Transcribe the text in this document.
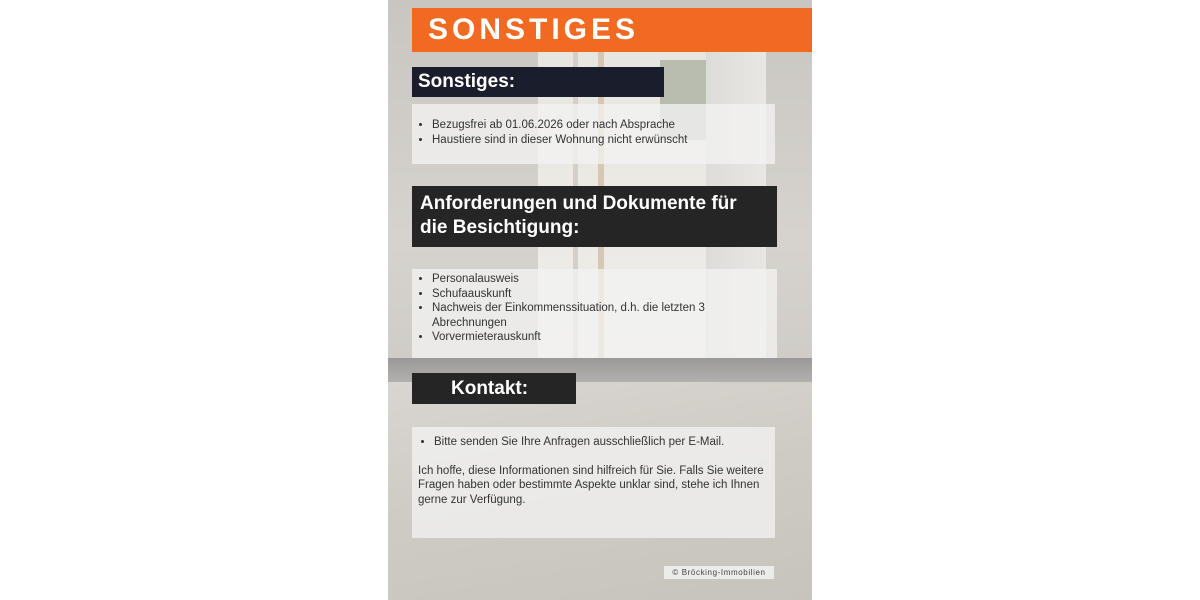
SONSTIGES
Sonstiges:
• Bezugsfrei ab 01.06.2026 oder nach Absprache
• Haustiere sind in dieser Wohnung nicht erwünscht
Anforderungen und Dokumente für die Besichtigung:
• Personalausweis
• Schufaauskunft
• Nachweis der Einkommenssituation, d.h. die letzten 3 Abrechnungen
• Vorvermieterauskunft
Kontakt:
• Bitte senden Sie Ihre Anfragen ausschließlich per E-Mail.

Ich hoffe, diese Informationen sind hilfreich für Sie. Falls Sie weitere Fragen haben oder bestimmte Aspekte unklar sind, stehe ich Ihnen gerne zur Verfügung.

© Bröcking-Immobilien
